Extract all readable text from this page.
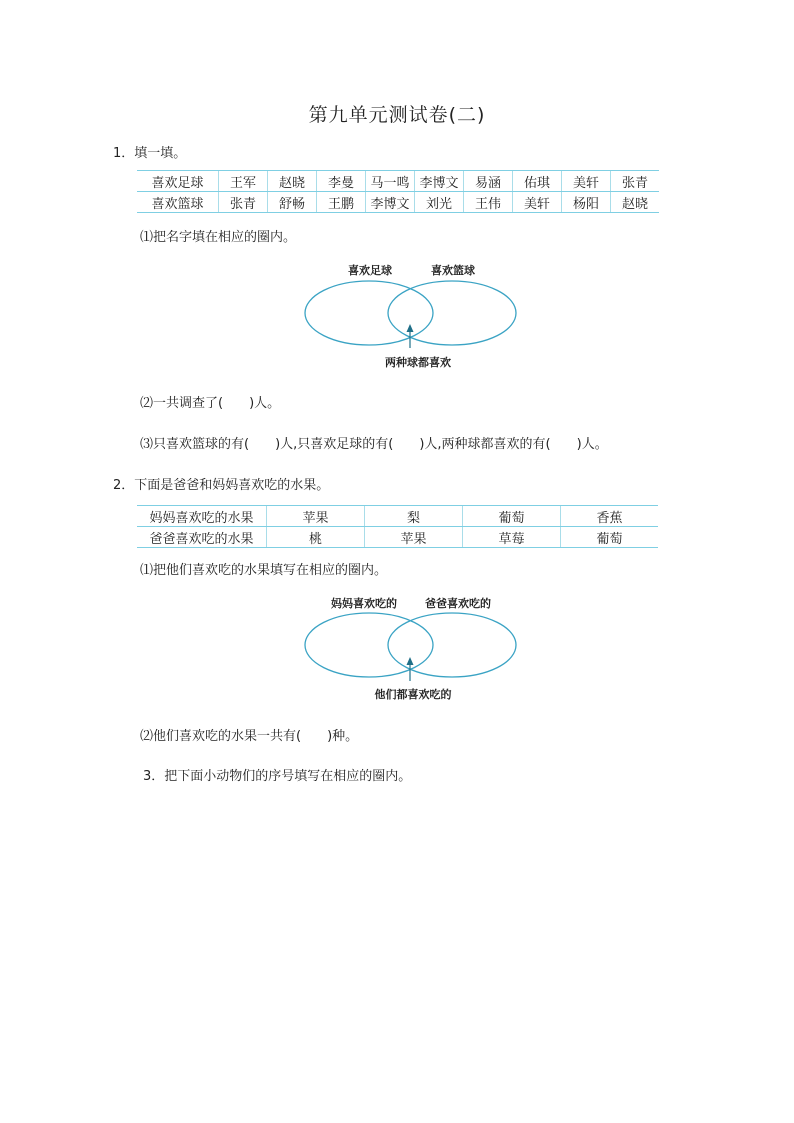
第九单元测试卷(二)
1．填一填。
喜欢足球	王军	赵晓	李曼	马一鸣	李博文	易涵	佑琪	美轩	张青
喜欢篮球	张青	舒畅	王鹏	李博文	刘光	王伟	美轩	杨阳	赵晓
⑴把名字填在相应的圈内。
喜欢足球	喜欢篮球
两种球都喜欢
⑵一共调查了(　　)人。
⑶只喜欢篮球的有(　　)人,只喜欢足球的有(　　)人,两种球都喜欢的有(　　)人。
2．下面是爸爸和妈妈喜欢吃的水果。
妈妈喜欢吃的水果	苹果	梨	葡萄	香蕉
爸爸喜欢吃的水果	桃	苹果	草莓	葡萄
⑴把他们喜欢吃的水果填写在相应的圈内。
妈妈喜欢吃的	爸爸喜欢吃的
他们都喜欢吃的
⑵他们喜欢吃的水果一共有(　　)种。
3．把下面小动物们的序号填写在相应的圈内。
